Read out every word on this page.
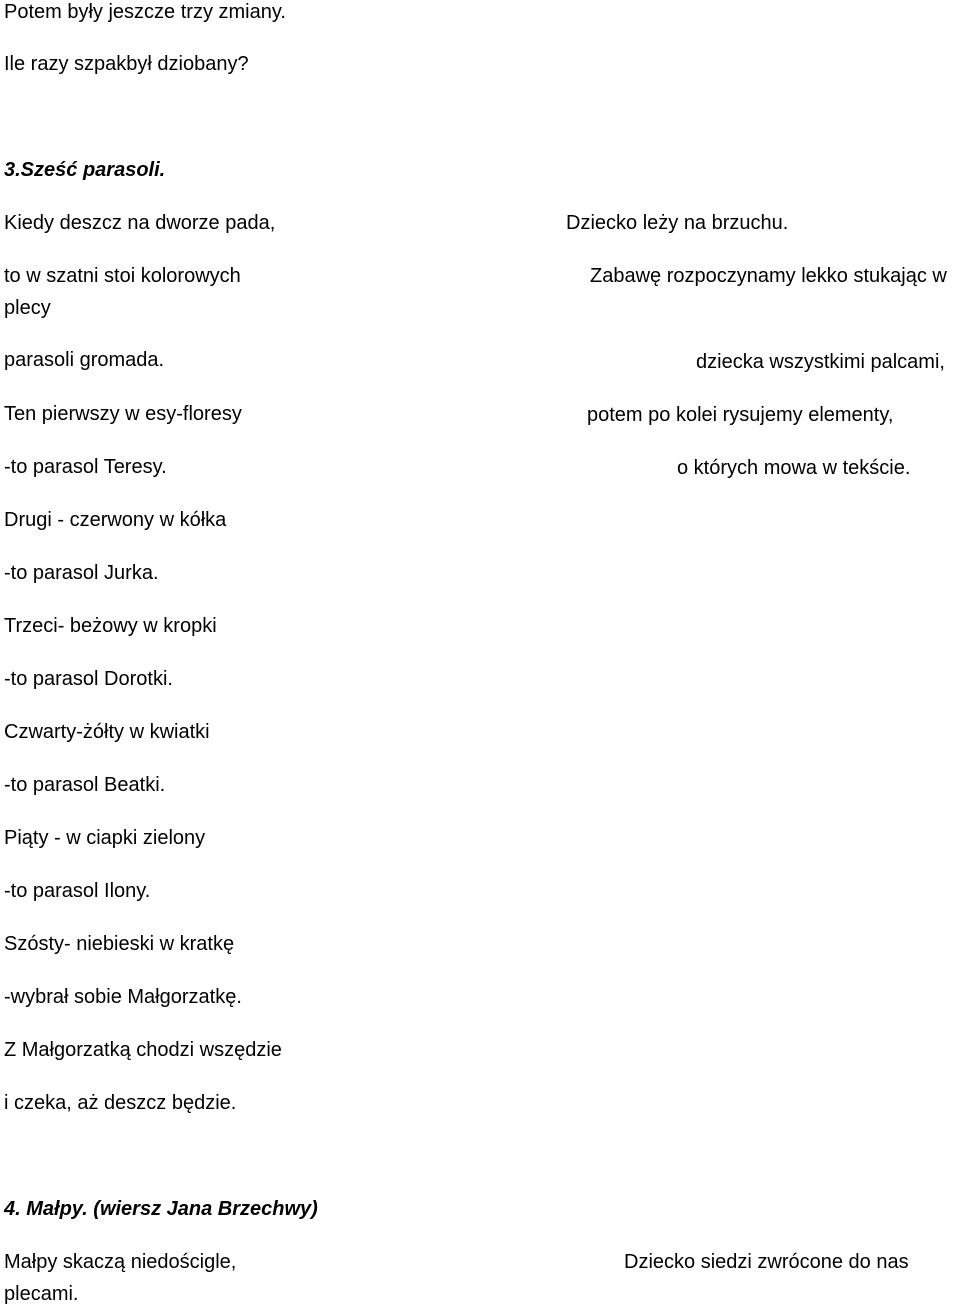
Potem były jeszcze trzy zmiany.

Ile razy szpakbył dziobany?

3.Sześć parasoli.

Kiedy deszcz na dworze pada,

to w szatni stoi kolorowych

plecy

parasoli gromada.

Ten pierwszy w esy-floresy

-to parasol Teresy.

Drugi - czerwony w kółka

-to parasol Jurka.

Trzeci- beżowy w kropki

-to parasol Dorotki.

Czwarty-żółty w kwiatki

-to parasol Beatki.

Piąty - w ciapki zielony

-to parasol Ilony.

Szósty- niebieski w kratkę

-wybrał sobie Małgorzatkę.

Z Małgorzatką chodzi wszędzie

i czeka, aż deszcz będzie.

Dziecko leży na brzuchu.

Zabawę rozpoczynamy lekko stukając w

dziecka wszystkimi palcami,

potem po kolei rysujemy elementy,

o których mowa w tekście.

4. Małpy. (wiersz Jana Brzechwy)

Małpy skaczą niedościgle,

plecami.

Dziecko siedzi zwrócone do nas
